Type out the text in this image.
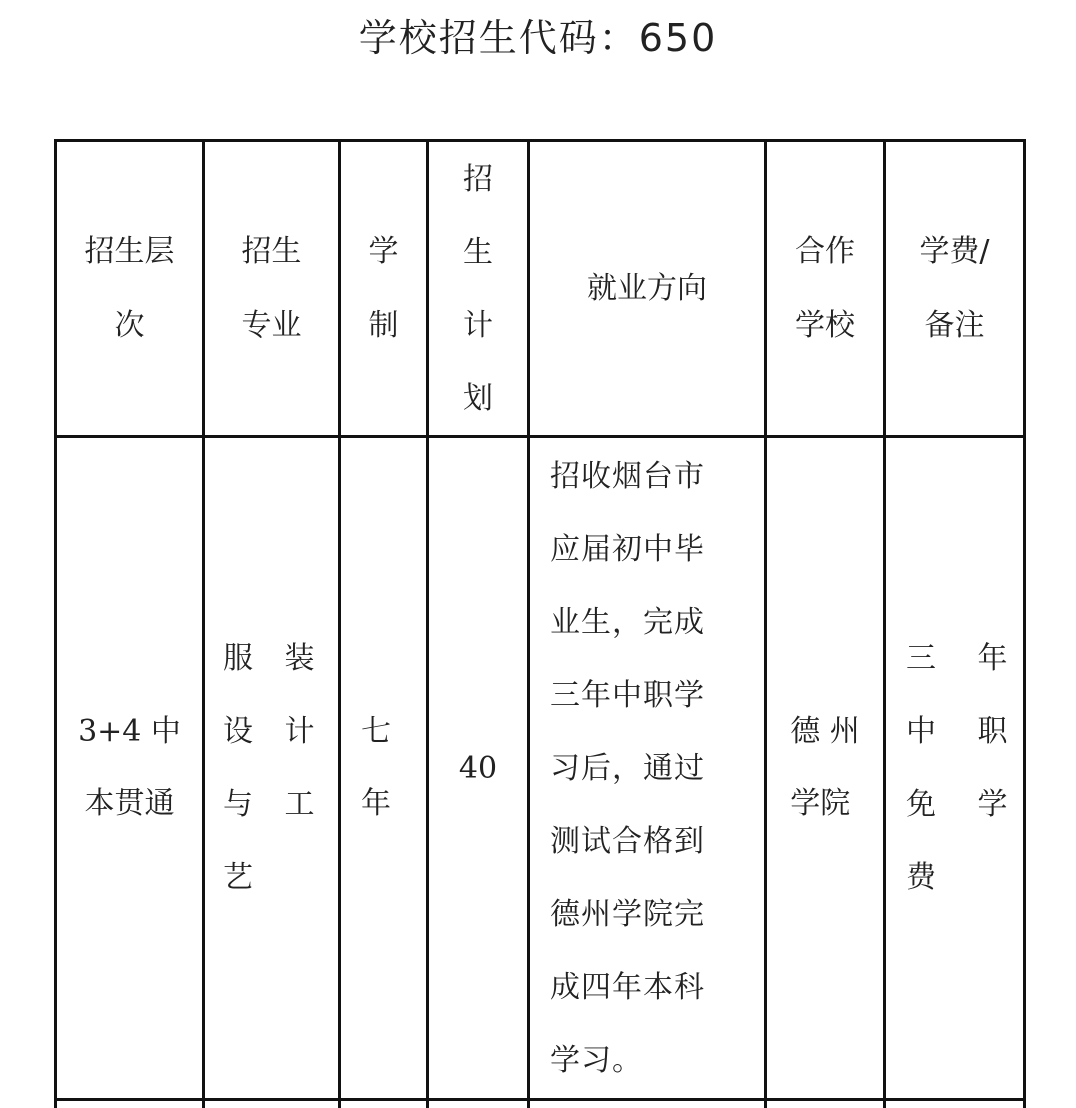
学校招生代码：650
招生层
次
招生
专业
学
制
招
生
计
划
就业方向
合作
学校
学费/
备注
3+4 中
本贯通
服 装
设 计
与 工
艺
七
年
40
招收烟台市
应届初中毕
业生，完成
三年中职学
习后，通过
测试合格到
德州学院完
成四年本科
学习。
德 州
学院
三 年
中 职
免 学
费
